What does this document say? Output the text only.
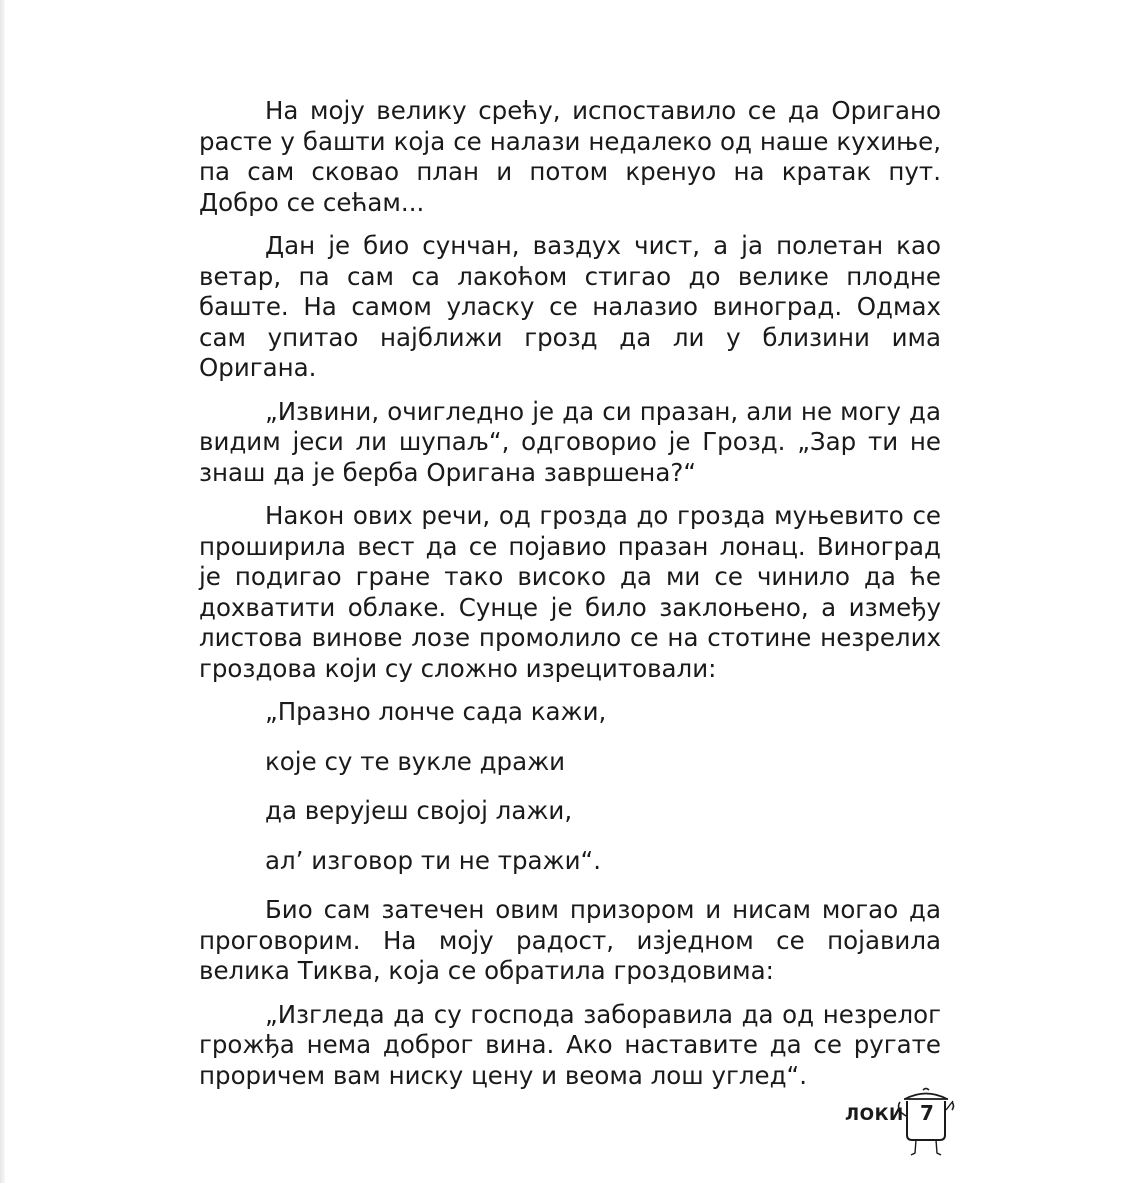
На моју велику срећу, испоставило се да Оригано расте у башти која се налази недалеко од наше кухиње, па сам сковао план и потом кренуо на кратак пут. Добро се сећам...

Дан је био сунчан, ваздух чист, а ја полетан као ветар, па сам са лакоћом стигао до велике плодне баште. На самом уласку се налазио виноград. Одмах сам упитао најближи грозд да ли у близини има Оригана.

„Извини, очигледно је да си празан, али не могу да видим јеси ли шупаљ“, одговорио је Грозд. „Зар ти не знаш да је берба Оригана завршена?“

Након ових речи, од грозда до грозда муњевито се проширила вест да се појавио празан лонац. Виноград је подигао гране тако високо да ми се чинило да ће дохватити облаке. Сунце је било заклоњено, а између листова винове лозе промолило се на стотине незрелих гроздова који су сложно изрецитовали:

„Празно лонче сада кажи,

које су те вукле дражи

да верујеш својој лажи,

ал’ изговор ти не тражи“.

Био сам затечен овим призором и нисам могао да проговорим. На моју радост, изједном се појавила велика Тиква, која се обратила гроздовима:

„Изгледа да су господа заборавила да од незрелог грожђа нема доброг вина. Ако наставите да се ругате проричем вам ниску цену и веома лош углед“.

ЛОКИ 7
